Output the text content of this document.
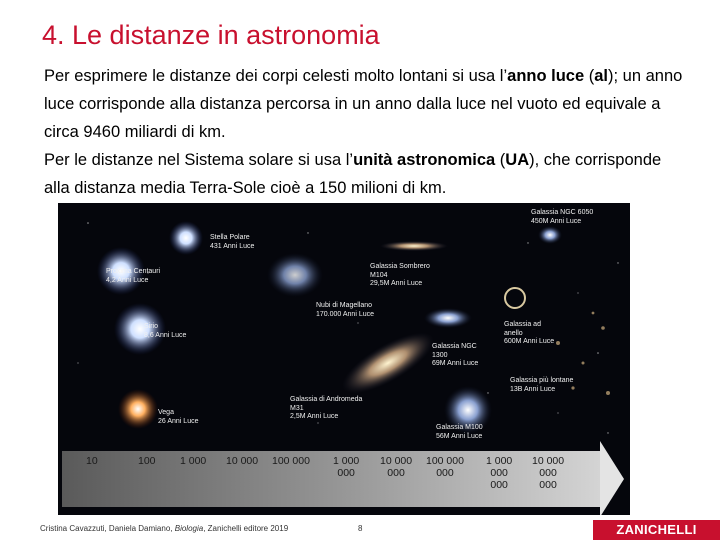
4. Le distanze in astronomia

Per esprimere le distanze dei corpi celesti molto lontani si usa l’anno luce (al); un anno luce corrisponde alla distanza percorsa in un anno dalla luce nel vuoto ed equivale a circa 9460 miliardi di km.

Per le distanze nel Sistema solare si usa l’unità astronomica (UA), che corrisponde alla distanza media Terra-Sole cioè a 150 milioni di km.

Stella Polare
431 Anni Luce
Proxima Centauri
4,2 Anni Luce
Sirio
8,6 Anni Luce
Vega
26 Anni Luce
Galassia Sombrero M104
29,5M Anni Luce
Nubi di Magellano
170.000 Anni Luce
Galassia NGC 1300
69M Anni Luce
Galassia di Andromeda M31
2,5M Anni Luce
Galassia M100
56M Anni Luce
Galassia NGC 6050
450M Anni Luce
Galassia ad anello
600M Anni Luce
Galassia più lontane
13B Anni Luce
10	100 1 000 10 000 100 000 1 000
000
10 000
000
100 000
000
1 000
000
000
10 000
000
000
Cristina Cavazzuti, Daniela Damiano, Biologia, Zanichelli editore 2019	8	ZANICHELLI
